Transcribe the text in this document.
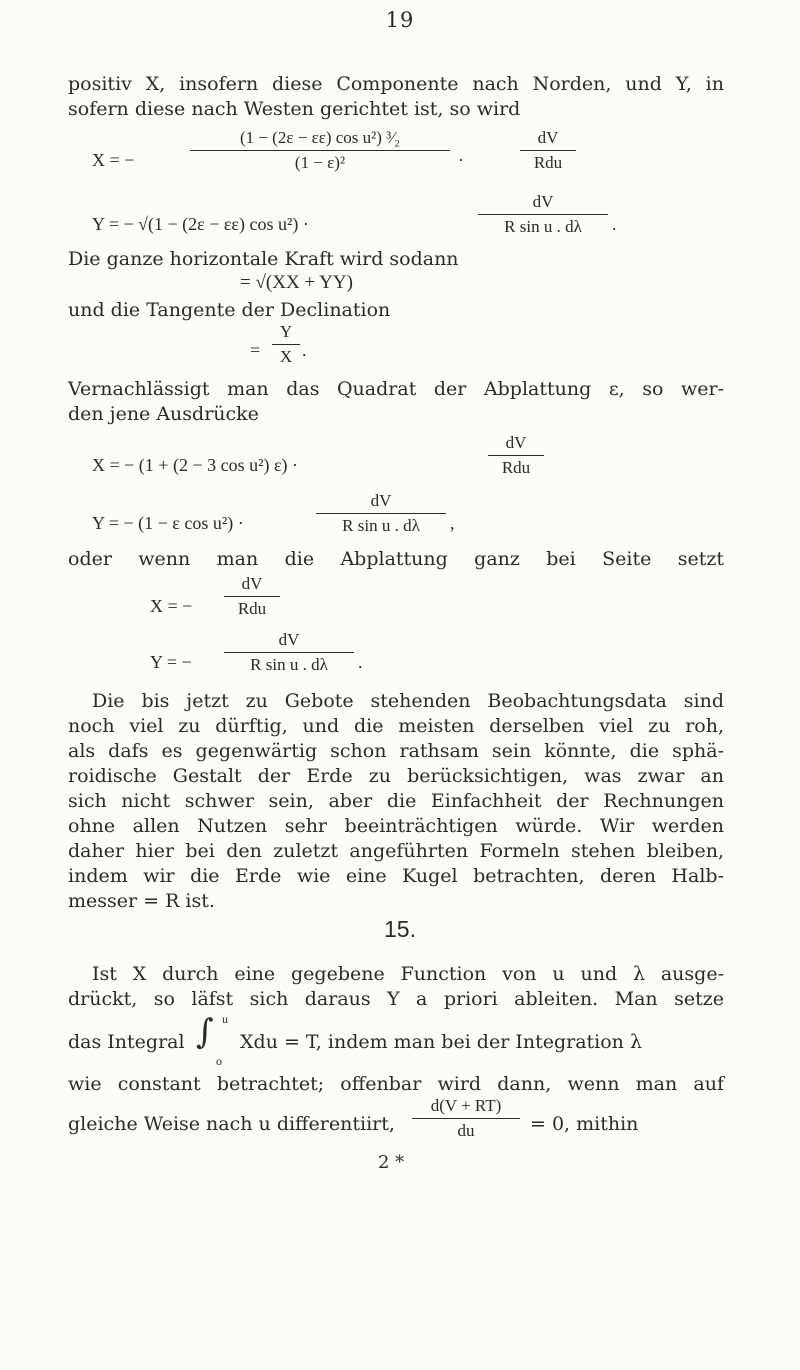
19
positiv X, insofern diese Componente nach Norden, und Y, in
sofern diese nach Westen gerichtet ist, so wird
X = −	$\frac{\text{(1 − (2ε − εε) cos u²) ³⁄₂}}{\text{(1 − ε)²}}$ ·
dV
Rdu
Y = − √(1 − (2ε − εε) cos u²) ·	$\frac{dV}{\text{R sin u . dλ}}$ .
Die ganze horizontale Kraft wird sodann
= √(XX + YY)
und die Tangente der Declination
= $\frac{Y}{X}$ .
Vernachlässigt man das Quadrat der Abplattung ε, so wer-
den jene Ausdrücke
X = − (1 + (2 − 3 cos u²) ε) ·
dV
Rdu
Y = − (1 − ε cos u²) ·	$\frac{dV}{\text{R sin u . dλ}}$ ,
oder wenn man die Abplattung ganz bei Seite setzt
X = −
dV
Rdu
Y = − $\frac{dV}{\text{R sin u . dλ}}$ .
Die bis jetzt zu Gebote stehenden Beobachtungsdata sind
noch viel zu dürftig, und die meisten derselben viel zu roh,
als dafs es gegenwärtig schon rathsam sein könnte, die sphä-
roidische Gestalt der Erde zu berücksichtigen, was zwar an
sich nicht schwer sein, aber die Einfachheit der Rechnungen
ohne allen Nutzen sehr beeinträchtigen würde. Wir werden
daher hier bei den zuletzt angeführten Formeln stehen bleiben,
indem wir die Erde wie eine Kugel betrachten, deren Halb-
messer = R ist.
15.
Ist X durch eine gegebene Function von u und λ ausge-
drückt, so läfst sich daraus Y a priori ableiten. Man setze
das Integral ∫ u
o
Xdu = T, indem man bei der Integration λ
wie constant betrachtet; offenbar wird dann, wenn man auf
gleiche Weise nach u differentiirt, $\frac{d(V + RT)}{du} = 0$, mithin
2 *
